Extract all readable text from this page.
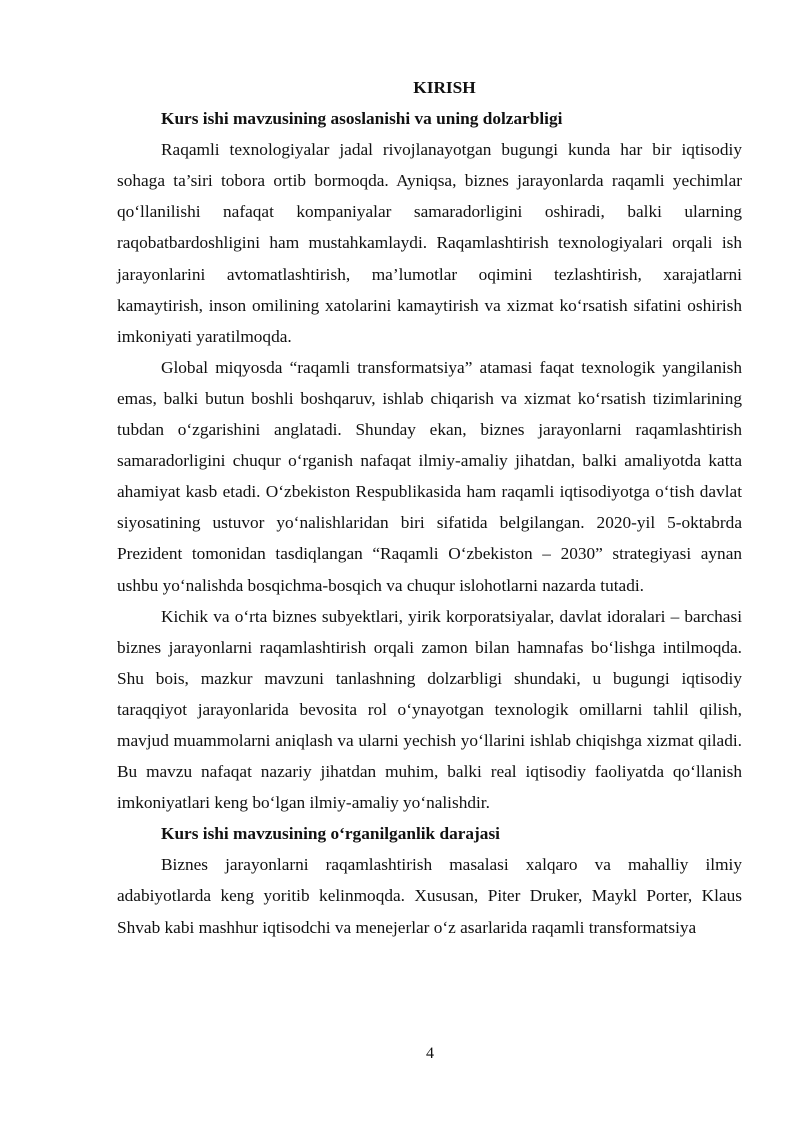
KIRISH

Kurs ishi mavzusining asoslanishi va uning dolzarbligi

Raqamli texnologiyalar jadal rivojlanayotgan bugungi kunda har bir iqtisodiy sohaga ta’siri tobora ortib bormoqda. Ayniqsa, biznes jarayonlarda raqamli yechimlar qo‘llanilishi nafaqat kompaniyalar samaradorligini oshiradi, balki ularning raqobatbardoshligini ham mustahkamlaydi. Raqamlashtirish texnologiyalari orqali ish jarayonlarini avtomatlashtirish, ma’lumotlar oqimini tezlashtirish, xarajatlarni kamaytirish, inson omilining xatolarini kamaytirish va xizmat ko‘rsatish sifatini oshirish imkoniyati yaratilmoqda.

Global miqyosda “raqamli transformatsiya” atamasi faqat texnologik yangilanish emas, balki butun boshli boshqaruv, ishlab chiqarish va xizmat ko‘rsatish tizimlarining tubdan o‘zgarishini anglatadi. Shunday ekan, biznes jarayonlarni raqamlashtirish samaradorligini chuqur o‘rganish nafaqat ilmiy-amaliy jihatdan, balki amaliyotda katta ahamiyat kasb etadi. O‘zbekiston Respublikasida ham raqamli iqtisodiyotga o‘tish davlat siyosatining ustuvor yo‘nalishlaridan biri sifatida belgilangan. 2020-yil 5-oktabrda Prezident tomonidan tasdiqlangan “Raqamli O‘zbekiston – 2030” strategiyasi aynan ushbu yo‘nalishda bosqichma-bosqich va chuqur islohotlarni nazarda tutadi.

Kichik va o‘rta biznes subyektlari, yirik korporatsiyalar, davlat idoralari – barchasi biznes jarayonlarni raqamlashtirish orqali zamon bilan hamnafas bo‘lishga intilmoqda. Shu bois, mazkur mavzuni tanlashning dolzarbligi shundaki, u bugungi iqtisodiy taraqqiyot jarayonlarida bevosita rol o‘ynayotgan texnologik omillarni tahlil qilish, mavjud muammolarni aniqlash va ularni yechish yo‘llarini ishlab chiqishga xizmat qiladi. Bu mavzu nafaqat nazariy jihatdan muhim, balki real iqtisodiy faoliyatda qo‘llanish imkoniyatlari keng bo‘lgan ilmiy-amaliy yo‘nalishdir.

Kurs ishi mavzusining o‘rganilganlik darajasi

Biznes jarayonlarni raqamlashtirish masalasi xalqaro va mahalliy ilmiy adabiyotlarda keng yoritib kelinmoqda. Xususan, Piter Druker, Maykl Porter, Klaus Shvab kabi mashhur iqtisodchi va menejerlar o‘z asarlarida raqamli transformatsiya

4
